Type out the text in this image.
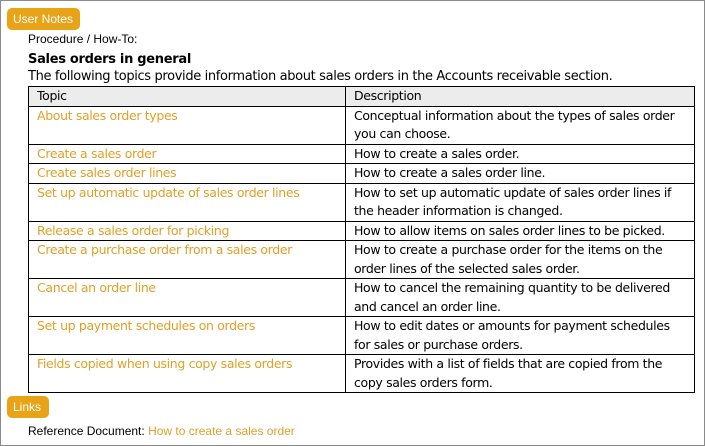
User Notes
Procedure / How-To:
Sales orders in general
The following topics provide information about sales orders in the Accounts receivable section.
Topic	Description
About sales order types	Conceptual information about the types of sales order you can choose.
Create a sales order	How to create a sales order.
Create sales order lines	How to create a sales order line.
Set up automatic update of sales order lines	How to set up automatic update of sales order lines if the header information is changed.
Release a sales order for picking	How to allow items on sales order lines to be picked.
Create a purchase order from a sales order	How to create a purchase order for the items on the order lines of the selected sales order.
Cancel an order line	How to cancel the remaining quantity to be delivered and cancel an order line.
Set up payment schedules on orders	How to edit dates or amounts for payment schedules for sales or purchase orders.
Fields copied when using copy sales orders	Provides with a list of fields that are copied from the copy sales orders form.
Links
Reference Document: How to create a sales order
